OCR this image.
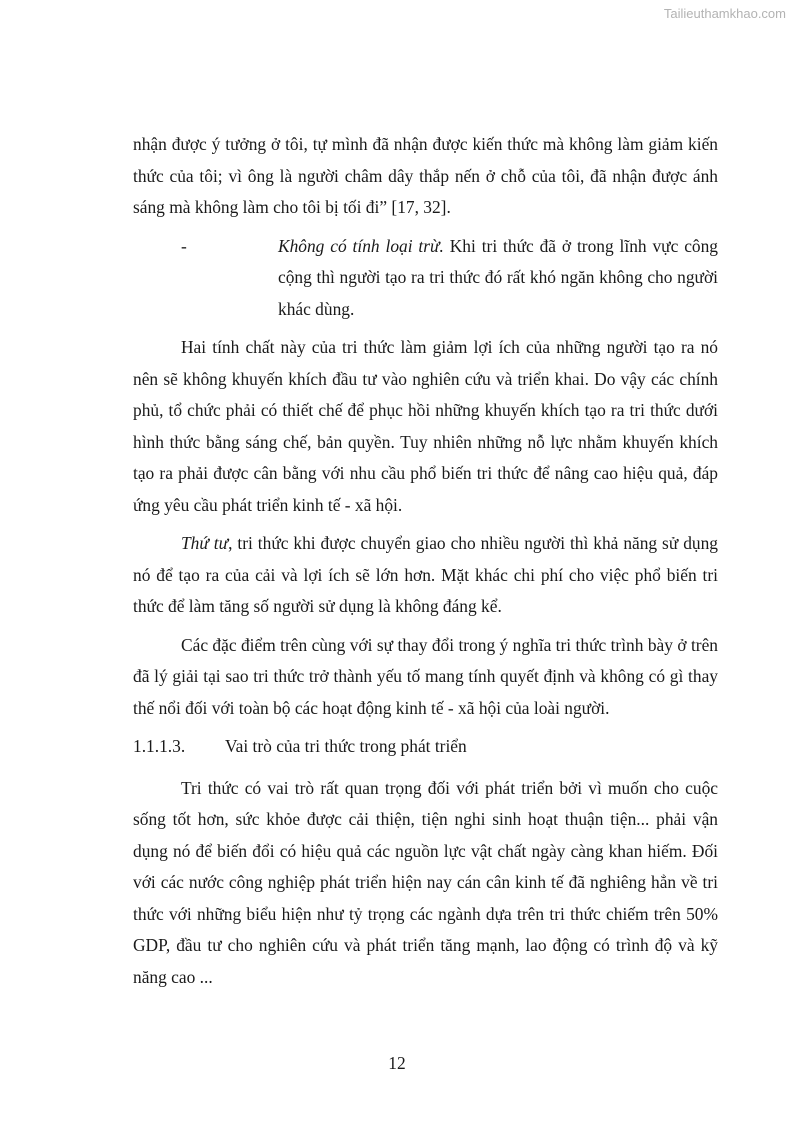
Tailieuthamkhao.com

nhận được ý tưởng ở tôi, tự mình đã nhận được kiến thức mà không làm giảm kiến thức của tôi; vì ông là người châm dây thắp nến ở chỗ của tôi, đã nhận được ánh sáng mà không làm cho tôi bị tối đi” [17, 32].

-	Không có tính loại trừ. Khi tri thức đã ở trong lĩnh vực công cộng thì người tạo ra tri thức đó rất khó ngăn không cho người khác dùng.

Hai tính chất này của tri thức làm giảm lợi ích của những người tạo ra nó nên sẽ không khuyến khích đầu tư vào nghiên cứu và triển khai. Do vậy các chính phủ, tổ chức phải có thiết chế để phục hồi những khuyến khích tạo ra tri thức dưới hình thức bằng sáng chế, bản quyền. Tuy nhiên những nỗ lực nhằm khuyến khích tạo ra phải được cân bằng với nhu cầu phổ biến tri thức để nâng cao hiệu quả, đáp ứng yêu cầu phát triển kinh tế - xã hội.

Thứ tư, tri thức khi được chuyển giao cho nhiều người thì khả năng sử dụng nó để tạo ra của cải và lợi ích sẽ lớn hơn. Mặt khác chi phí cho việc phổ biến tri thức để làm tăng số người sử dụng là không đáng kể.

Các đặc điểm trên cùng với sự thay đổi trong ý nghĩa tri thức trình bày ở trên đã lý giải tại sao tri thức trở thành yếu tố mang tính quyết định và không có gì thay thế nổi đối với toàn bộ các hoạt động kinh tế - xã hội của loài người.

1.1.1.3. Vai trò của tri thức trong phát triển

Tri thức có vai trò rất quan trọng đối với phát triển bởi vì muốn cho cuộc sống tốt hơn, sức khỏe được cải thiện, tiện nghi sinh hoạt thuận tiện... phải vận dụng nó để biến đổi có hiệu quả các nguồn lực vật chất ngày càng khan hiếm. Đối với các nước công nghiệp phát triển hiện nay cán cân kinh tế đã nghiêng hẳn về tri thức với những biểu hiện như tỷ trọng các ngành dựa trên tri thức chiếm trên 50% GDP, đầu tư cho nghiên cứu và phát triển tăng mạnh, lao động có trình độ và kỹ năng cao ...

12
